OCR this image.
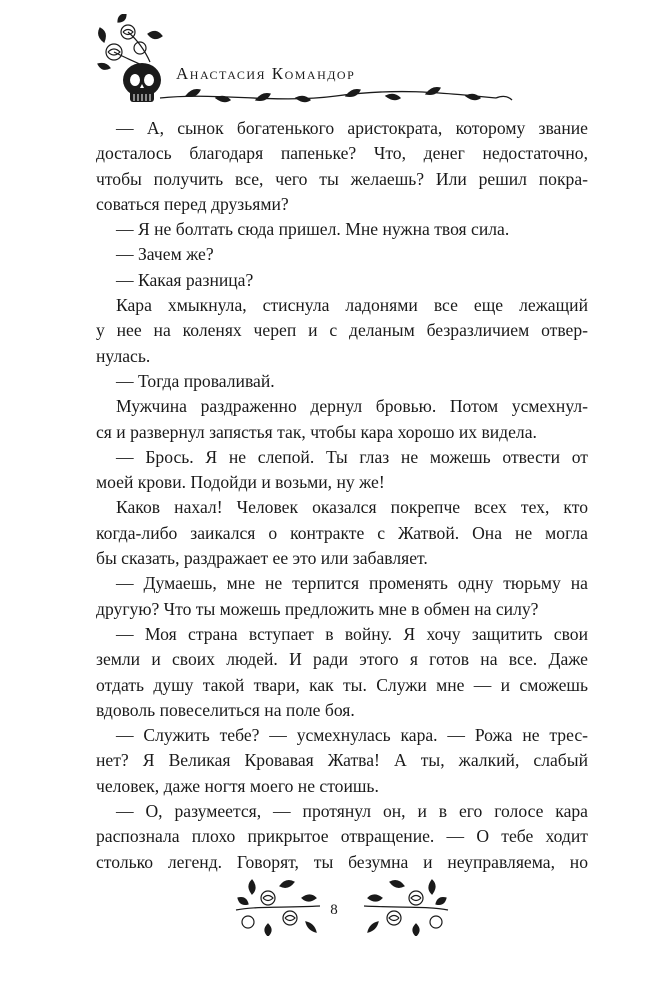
Анастасия Командор
— А, сынок богатенького аристократа, которому звание
досталось благодаря папеньке? Что, денег недостаточно,
чтобы получить все, чего ты желаешь? Или решил покра-
соваться перед друзьями?
— Я не болтать сюда пришел. Мне нужна твоя сила.
— Зачем же?
— Какая разница?
Кара хмыкнула, стиснула ладонями все еще лежащий
у нее на коленях череп и с деланым безразличием отвер-
нулась.
— Тогда проваливай.
Мужчина раздраженно дернул бровью. Потом усмехнул-
ся и развернул запястья так, чтобы кара хорошо их видела.
— Брось. Я не слепой. Ты глаз не можешь отвести от
моей крови. Подойди и возьми, ну же!
Каков нахал! Человек оказался покрепче всех тех, кто
когда-либо заикался о контракте с Жатвой. Она не могла
бы сказать, раздражает ее это или забавляет.
— Думаешь, мне не терпится променять одну тюрьму на
другую? Что ты можешь предложить мне в обмен на силу?
— Моя страна вступает в войну. Я хочу защитить свои
земли и своих людей. И ради этого я готов на все. Даже
отдать душу такой твари, как ты. Служи мне — и сможешь
вдоволь повеселиться на поле боя.
— Служить тебе? — усмехнулась кара. — Рожа не трес-
нет? Я Великая Кровавая Жатва! А ты, жалкий, слабый
человек, даже ногтя моего не стоишь.
— О, разумеется, — протянул он, и в его голосе кара
распознала плохо прикрытое отвращение. — О тебе ходит
столько легенд. Говорят, ты безумна и неуправляема, но
8
